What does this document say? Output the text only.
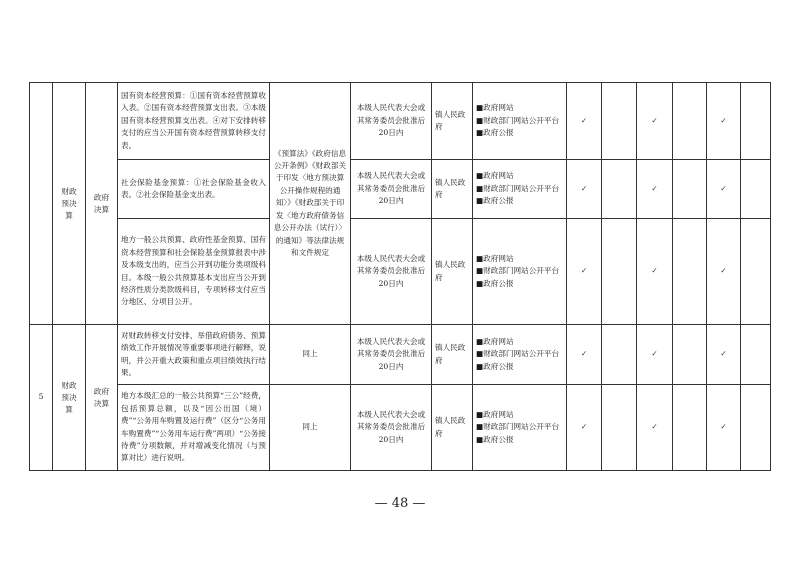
	财政预决算	政府决算	国有资本经营预算：①国有资本经营预算收入表。②国有资本经营预算支出表。③本级国有资本经营预算支出表。④对下安排转移支付的应当公开国有资本经营预算转移支付表。	《预算法》《政府信息公开条例》《财政部关于印发〈地方预决算公开操作规程的通知〉》《财政部关于印发〈地方政府债务信息公开办法（试行）〉的通知》等法律法规和文件规定	本级人民代表大会或其常务委员会批准后20日内	镇人民政府	■政府网站
■财政部门网站公开平台
■政府公报	✓		✓		✓	
			社会保险基金预算：①社会保险基金收入表。②社会保险基金支出表。		本级人民代表大会或其常务委员会批准后20日内	镇人民政府	■政府网站
■财政部门网站公开平台
■政府公报	✓		✓		✓	
			地方一般公共预算、政府性基金预算、国有资本经营预算和社会保险基金预算报表中涉及本级支出的，应当公开到功能分类项级科目。本级一般公共预算基本支出应当公开到经济性质分类款级科目，专项转移支付应当分地区、分项目公开。		本级人民代表大会或其常务委员会批准后20日内	镇人民政府	■政府网站
■财政部门网站公开平台
■政府公报	✓		✓		✓	
5	财政预决算	政府决算	对财政转移支付安排、举借政府债务、预算绩效工作开展情况等重要事项进行解释，说明，并公开重大政策和重点项目绩效执行结果。	同上	本级人民代表大会或其常务委员会批准后20日内	镇人民政府	■政府网站
■财政部门网站公开平台
■政府公报	✓		✓		✓	
			地方本级汇总的一般公共预算“三公”经费，包括预算总额，以及“因公出国（境）费”“公务用车购置及运行费”（区分“公务用车购置费”“公务用车运行费”两项）“公务接待费”分项数额，并对增减变化情况（与预算对比）进行说明。	同上	本级人民代表大会或其常务委员会批准后20日内	镇人民政府	■政府网站
■财政部门网站公开平台
■政府公报	✓		✓		✓	
— 48 —
